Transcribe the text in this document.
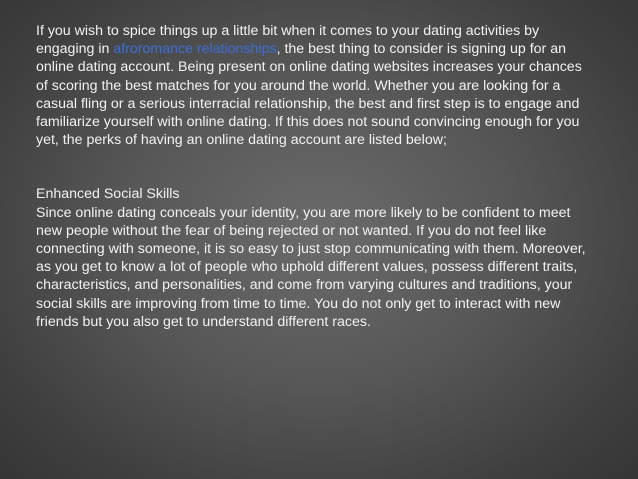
If you wish to spice things up a little bit when it comes to your dating activities by engaging in afroromance relationships, the best thing to consider is signing up for an online dating account. Being present on online dating websites increases your chances of scoring the best matches for you around the world. Whether you are looking for a casual fling or a serious interracial relationship, the best and first step is to engage and familiarize yourself with online dating. If this does not sound convincing enough for you yet, the perks of having an online dating account are listed below;

Enhanced Social Skills

Since online dating conceals your identity, you are more likely to be confident to meet new people without the fear of being rejected or not wanted. If you do not feel like connecting with someone, it is so easy to just stop communicating with them. Moreover, as you get to know a lot of people who uphold different values, possess different traits, characteristics, and personalities, and come from varying cultures and traditions, your social skills are improving from time to time. You do not only get to interact with new friends but you also get to understand different races.
